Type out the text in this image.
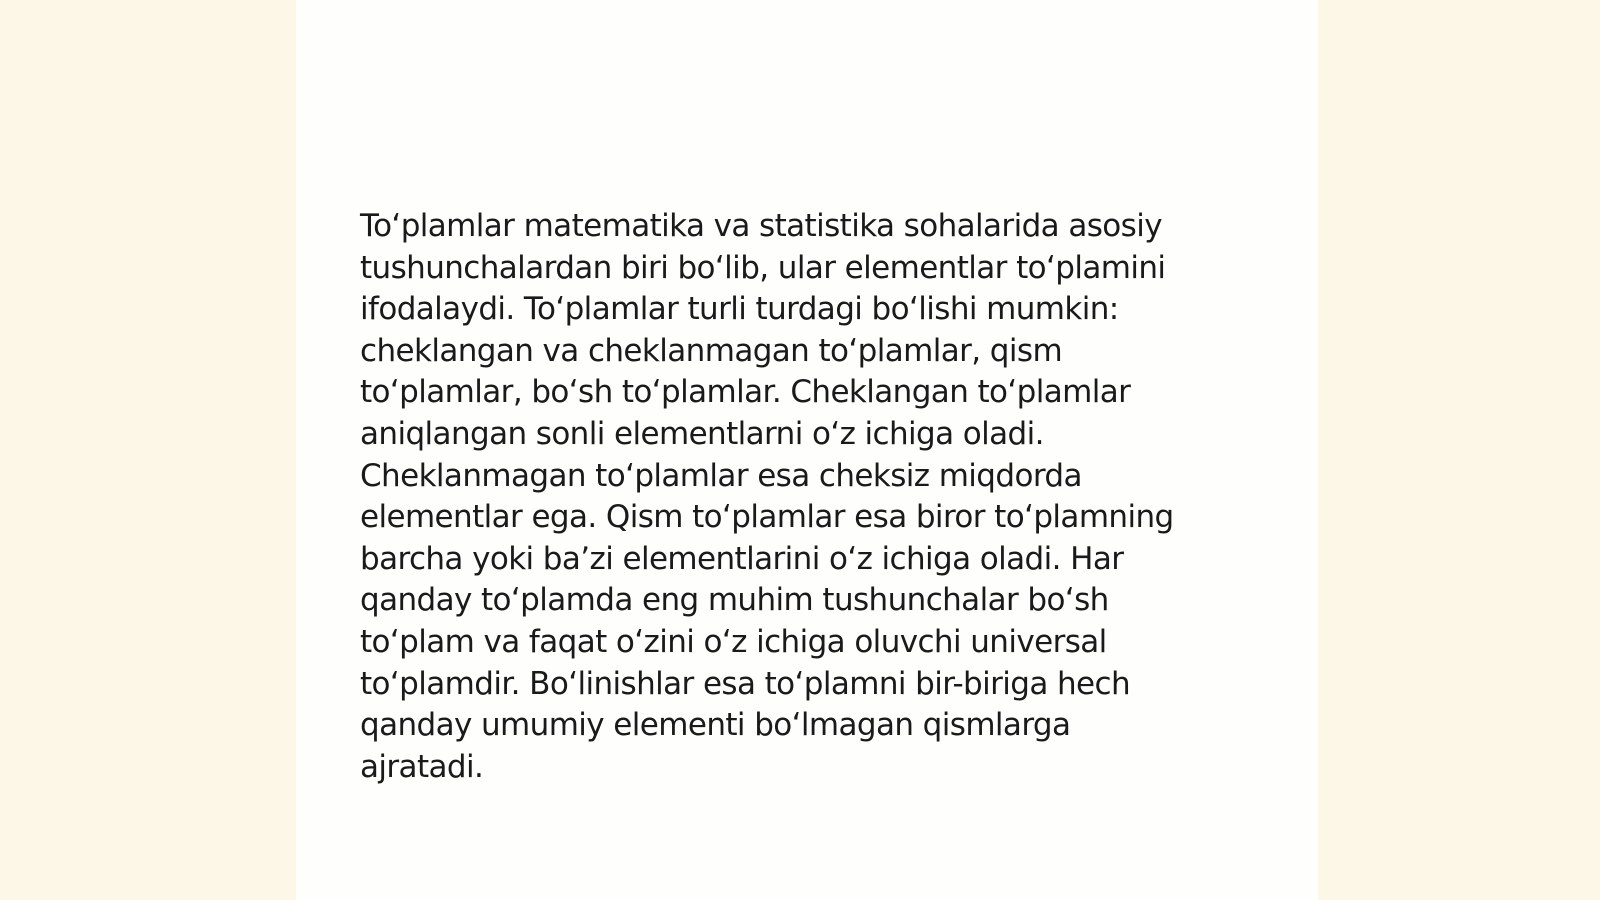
To‘plamlar matematika va statistika sohalarida asosiy
tushunchalardan biri bo‘lib, ular elementlar to‘plamini
ifodalaydi. To‘plamlar turli turdagi bo‘lishi mumkin:
cheklangan va cheklanmagan to‘plamlar, qism
to‘plamlar, bo‘sh to‘plamlar. Cheklangan to‘plamlar
aniqlangan sonli elementlarni o‘z ichiga oladi.
Cheklanmagan to‘plamlar esa cheksiz miqdorda
elementlar ega. Qism to‘plamlar esa biror to‘plamning
barcha yoki ba’zi elementlarini o‘z ichiga oladi. Har
qanday to‘plamda eng muhim tushunchalar bo‘sh
to‘plam va faqat o‘zini o‘z ichiga oluvchi universal
to‘plamdir. Bo‘linishlar esa to‘plamni bir-biriga hech
qanday umumiy elementi bo‘lmagan qismlarga
ajratadi.
